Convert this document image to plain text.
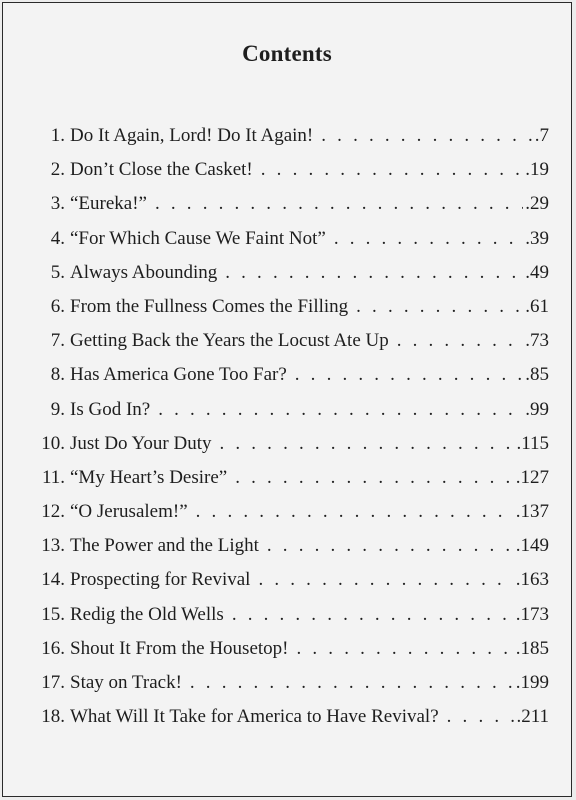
Contents
1. Do It Again, Lord! Do It Again! . . .	.7
2. Don’t Close the Casket! . . .	.19
3. “Eureka!” . . .	.29
4. “For Which Cause We Faint Not” . . .	.39
5. Always Abounding . . .	.49
6. From the Fullness Comes the Filling . . .	.61
7. Getting Back the Years the Locust Ate Up . . .	.73
8. Has America Gone Too Far? . . .	.85
9. Is God In? . . .	.99
10. Just Do Your Duty . . .	.115
11. “My Heart’s Desire” . . .	.127
12. “O Jerusalem!” . . .	.137
13. The Power and the Light . . .	.149
14. Prospecting for Revival . . .	.163
15. Redig the Old Wells . . .	.173
16. Shout It From the Housetop! . . .	.185
17. Stay on Track! . . .	.199
18. What Will It Take for America to Have Revival? . . .	.211
